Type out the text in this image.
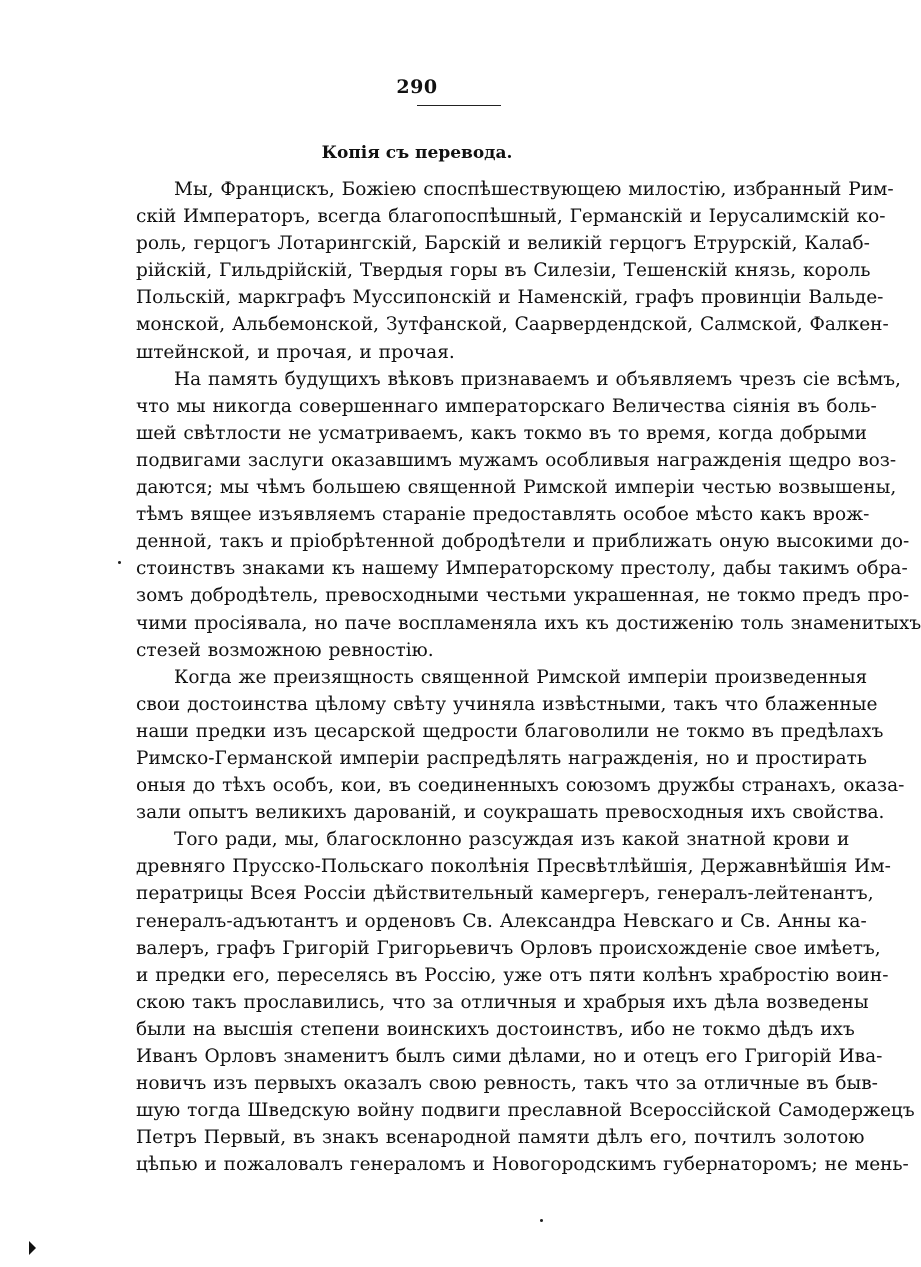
290
Копія съ перевода.

Мы, Францискъ, Божіею споспѣшествующею милостію, избранный Рим-
скій Императоръ, всегда благопоспѣшный, Германскій и Іерусалимскій ко-
роль, герцогъ Лотарингскій, Барскій и великій герцогъ Етрурскій, Калаб-
рійскій, Гильдрійскій, Твердыя горы въ Силезіи, Тешенскій князь, король
Польскій, маркграфъ Муссипонскій и Наменскій, графъ провинціи Вальде-
монской, Альбемонской, Зутфанской, Саарвердендской, Салмской, Фалкен-
штейнской, и прочая, и прочая.

На память будущихъ вѣковъ признаваемъ и объявляемъ чрезъ сіе всѣмъ,
что мы никогда совершеннаго императорскаго Величества сіянія въ боль-
шей свѣтлости не усматриваемъ, какъ токмо въ то время, когда добрыми
подвигами заслуги оказавшимъ мужамъ особливыя награжденія щедро воз-
даются; мы чѣмъ большею священной Римской имперіи честью возвышены,
тѣмъ вящее изъявляемъ стараніе предоставлять особое мѣсто какъ врож-
денной, такъ и пріобрѣтенной добродѣтели и приближать оную высокими до-
стоинствъ знаками къ нашему Императорскому престолу, дабы такимъ обра-
зомъ добродѣтель, превосходными честьми украшенная, не токмо предъ про-
чими просіявала, но паче воспламеняла ихъ къ достиженію толь знаменитыхъ
стезей возможною ревностію.

Когда же преизящность священной Римской имперіи произведенныя
свои достоинства цѣлому свѣту учиняла извѣстными, такъ что блаженные
наши предки изъ цесарской щедрости благоволили не токмо въ предѣлахъ
Римско-Германской имперіи распредѣлять награжденія, но и простирать
оныя до тѣхъ особъ, кои, въ соединенныхъ союзомъ дружбы странахъ, оказа-
зали опытъ великихъ дарованій, и соукрашать превосходныя ихъ свойства.

Того ради, мы, благосклонно разсуждая изъ какой знатной крови и
древняго Прусско-Польскаго поколѣнія Пресвѣтлѣйшія, Державнѣйшія Им-
ператрицы Всея Россіи дѣйствительный камергеръ, генералъ-лейтенантъ,
генералъ-адъютантъ и орденовъ Св. Александра Невскаго и Св. Анны ка-
валеръ, графъ Григорій Григорьевичъ Орловъ происхожденіе свое имѣетъ,
и предки его, переселясь въ Россію, уже отъ пяти колѣнъ храбростію воин-
скою такъ прославились, что за отличныя и храбрыя ихъ дѣла возведены
были на высшія степени воинскихъ достоинствъ, ибо не токмо дѣдъ ихъ
Иванъ Орловъ знаменитъ былъ сими дѣлами, но и отецъ его Григорій Ива-
новичъ изъ первыхъ оказалъ свою ревность, такъ что за отличные въ быв-
шую тогда Шведскую войну подвиги преславной Всероссійской Самодержецъ
Петръ Первый, въ знакъ всенародной памяти дѣлъ его, почтилъ золотою
цѣпью и пожаловалъ генераломъ и Новогородскимъ губернаторомъ; не мень-
